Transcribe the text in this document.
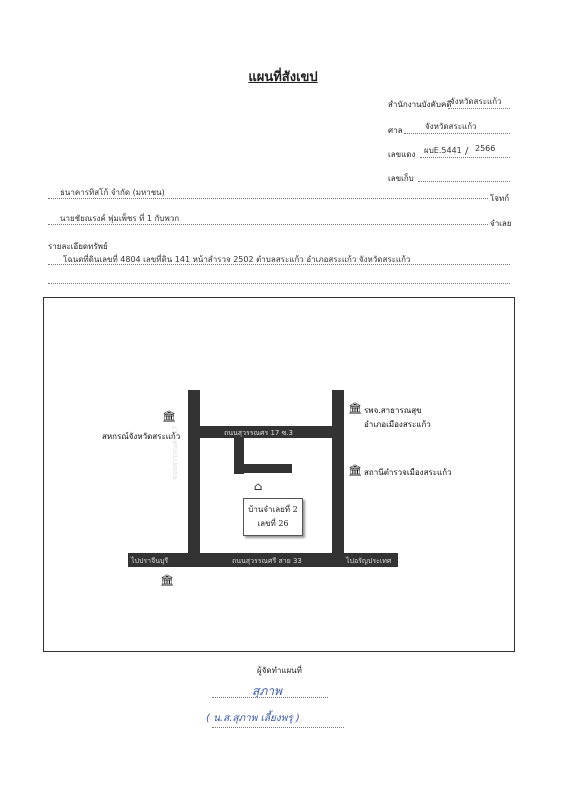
แผนที่สังเขป
สำนักงานบังคับคดี
จังหวัดสระแก้ว
ศาล	จังหวัดสระแก้ว
เลขแดง ผบE.5441 / 2566
เลขเก็บ
ธนาคารทิสโก้ จำกัด (มหาชน)
โจทก์
นายชัยณรงค์ พุ่มเพ็ชร ที่ 1 กับพวก
จำเลย
รายละเอียดทรัพย์
โฉนดที่ดินเลขที่ 4804 เลขที่ดิน 141 หน้าสำรวจ 2502 ตำบลสระแก้ว อำเภอสระแก้ว จังหวัดสระแก้ว
ถนนสุวรรณศร 17 ซ.3
ถนนสุวรรณศรี สาย 33
ไปปราจีนบุรี	ไปอรัญประเทศ
ซอยสุวรรณศร 17
🏛
สหกรณ์จังหวัดสระแก้ว
🏛 รพจ.สาธารณสุข
อำเภอเมืองสระแก้ว
🏛 สถานีตำรวจเมืองสระแก้ว
🏛
⌂
บ้านจำเลยที่ 2
เลขที่ 26
ผู้จัดทำแผนที่
สุภาพ
( น.ส.สุภาพ เลี้ยงพรุ )
